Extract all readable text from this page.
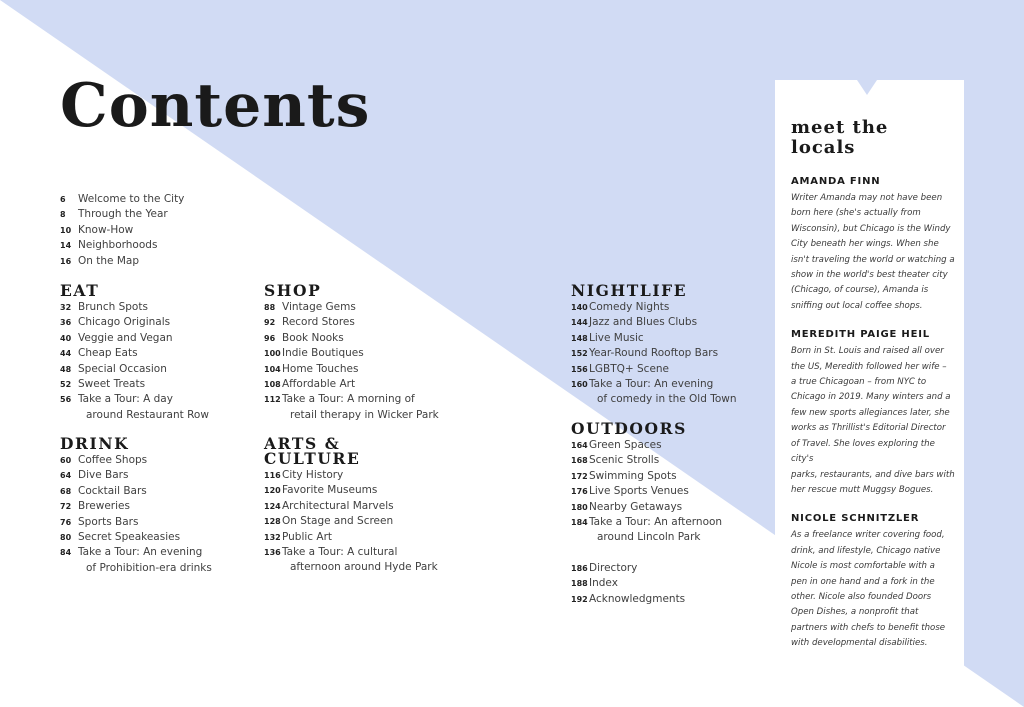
Contents
6	Welcome to the City
8	Through the Year
10 Know-How
14 Neighborhoods
16 On the Map
EAT
32 Brunch Spots
36 Chicago Originals
40 Veggie and Vegan
44 Cheap Eats
48 Special Occasion
52 Sweet Treats
56 Take a Tour: A day
around Restaurant Row
DRINK
60 Coffee Shops
64 Dive Bars
68 Cocktail Bars
72 Breweries
76 Sports Bars
80 Secret Speakeasies
84 Take a Tour: An evening
of Prohibition-era drinks
SHOP
88 Vintage Gems
92 Record Stores
96 Book Nooks
100 Indie Boutiques
104 Home Touches
108 Affordable Art
112 Take a Tour: A morning of
retail therapy in Wicker Park
ARTS &
CULTURE
116 City History
120 Favorite Museums
124 Architectural Marvels
128 On Stage and Screen
132 Public Art
136 Take a Tour: A cultural
afternoon around Hyde Park
NIGHTLIFE
140 Comedy Nights
144 Jazz and Blues Clubs
148 Live Music
152 Year-Round Rooftop Bars
156 LGBTQ+ Scene
160 Take a Tour: An evening
of comedy in the Old Town
OUTDOORS
164 Green Spaces
168 Scenic Strolls
172 Swimming Spots
176 Live Sports Venues
180 Nearby Getaways
184 Take a Tour: An afternoon
around Lincoln Park
186 Directory
188 Index
192 Acknowledgments
meet the
locals
AMANDA FINN
Writer Amanda may not have been
born here (she's actually from
Wisconsin), but Chicago is the Windy
City beneath her wings. When she
isn't traveling the world or watching a
show in the world's best theater city
(Chicago, of course), Amanda is
sniffing out local coffee shops.
MEREDITH PAIGE HEIL
Born in St. Louis and raised all over
the US, Meredith followed her wife –
a true Chicagoan – from NYC to
Chicago in 2019. Many winters and a
few new sports allegiances later, she
works as Thrillist's Editorial Director
of Travel. She loves exploring the city's
parks, restaurants, and dive bars with
her rescue mutt Muggsy Bogues.
NICOLE SCHNITZLER
As a freelance writer covering food,
drink, and lifestyle, Chicago native
Nicole is most comfortable with a
pen in one hand and a fork in the
other. Nicole also founded Doors
Open Dishes, a nonprofit that
partners with chefs to benefit those
with developmental disabilities.
